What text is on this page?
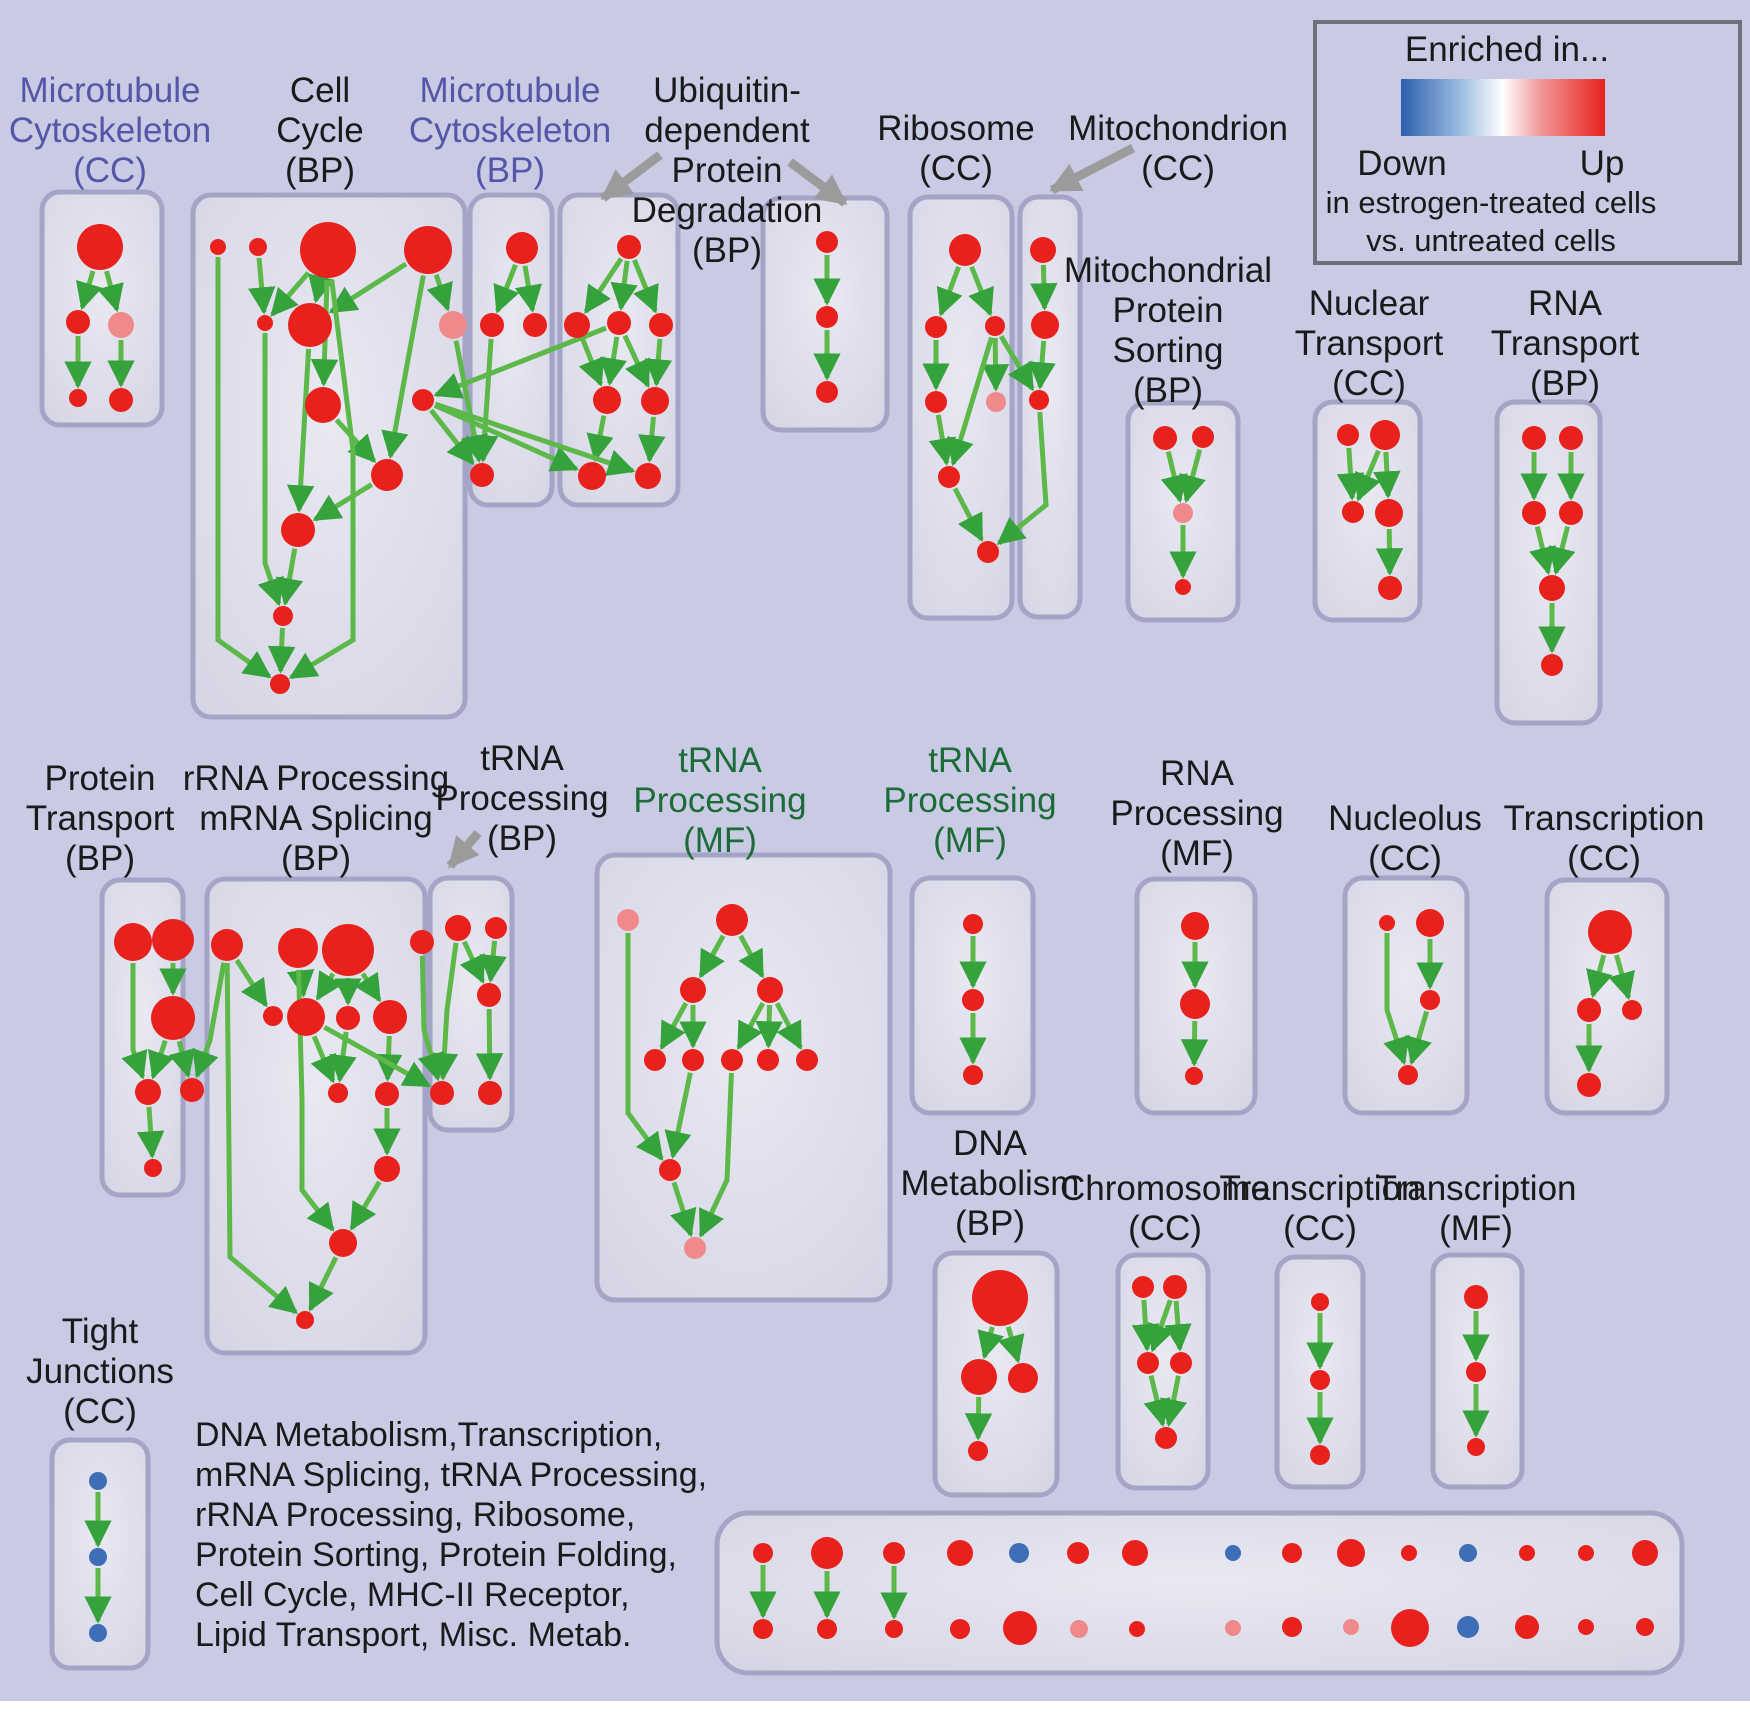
Microtubule Cytoskeleton (CC)
Cell Cycle (BP)
Microtubule Cytoskeleton (BP)
Ubiquitin-dependent Protein Degradation (BP)
Ribosome (CC)
Mitochondrion (CC)
Mitochondrial Protein Sorting (BP)
Nuclear Transport (CC)
RNA Transport (BP)
Protein Transport (BP)
rRNA Processing mRNA Splicing (BP)
tRNA Processing (BP)
tRNA Processing (MF)
tRNA Processing (MF)
RNA Processing (MF)
Nucleolus (CC)
Transcription (CC)
DNA Metabolism (BP)
Chromosome (CC)
Transcription (CC)
Transcription (MF)
Tight Junctions (CC)
Enriched in...
Down	Up
in estrogen-treated cells
vs. untreated cells
DNA Metabolism,Transcription,
mRNA Splicing, tRNA Processing,
rRNA Processing, Ribosome,
Protein Sorting, Protein Folding,
Cell Cycle, MHC-II Receptor,
Lipid Transport, Misc. Metab.
